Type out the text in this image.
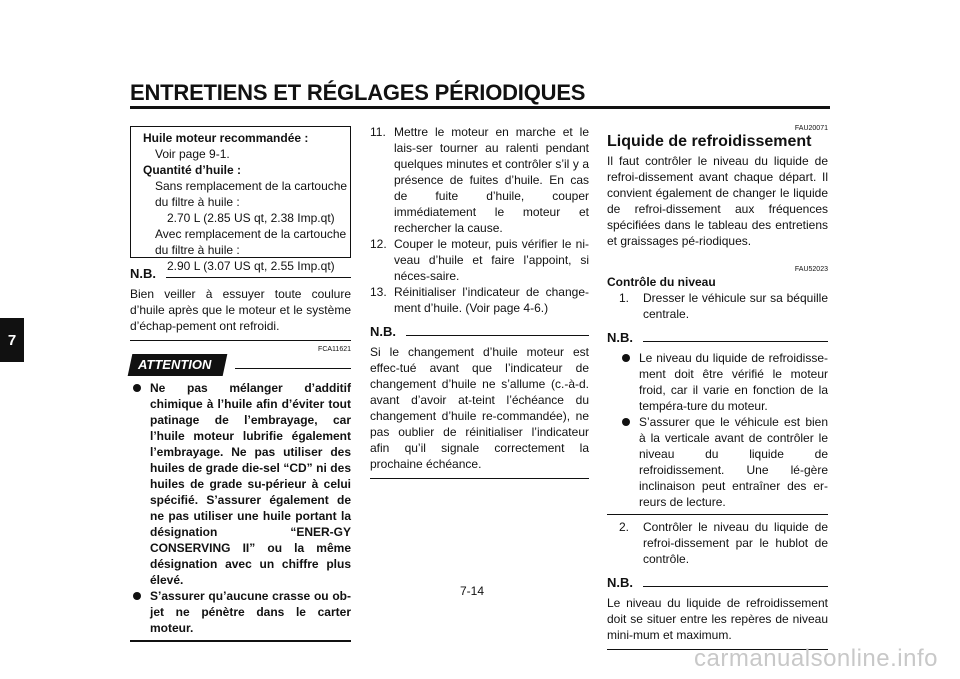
ENTRETIENS ET RÉGLAGES PÉRIODIQUES
7
Huile moteur recommandée :
Voir page 9-1.
Quantité d’huile :
Sans remplacement de la cartouche
du filtre à huile :
2.70 L (2.85 US qt, 2.38 Imp.qt)
Avec remplacement de la cartouche
du filtre à huile :
2.90 L (3.07 US qt, 2.55 Imp.qt)
N.B.
Bien veiller à essuyer toute coulure d’huile après que le moteur et le système d’échap-pement ont refroidi.
FCA11621
ATTENTION
Ne pas mélanger d’additif chimique à l’huile afin d’éviter tout patinage de l’embrayage, car l’huile moteur lubrifie également l’embrayage. Ne pas utiliser des huiles de grade die-sel “CD” ni des huiles de grade su-périeur à celui spécifié. S’assurer également de ne pas utiliser une huile portant la désignation “ENER-GY CONSERVING II” ou la même désignation avec un chiffre plus élevé.
S’assurer qu’aucune crasse ou ob-jet ne pénètre dans le carter moteur.
11. Mettre le moteur en marche et le lais-ser tourner au ralenti pendant quelques minutes et contrôler s’il y a présence de fuites d’huile. En cas de fuite d’huile, couper immédiatement le moteur et rechercher la cause.
12. Couper le moteur, puis vérifier le ni-veau d’huile et faire l’appoint, si néces-saire.
13. Réinitialiser l’indicateur de change-ment d’huile. (Voir page 4-6.)
N.B.
Si le changement d’huile moteur est effec-tué avant que l’indicateur de changement d’huile ne s’allume (c.-à-d. avant d’avoir at-teint l’échéance du changement d’huile re-commandée), ne pas oublier de réinitialiser l’indicateur afin qu’il signale correctement la prochaine échéance.
FAU20071
Liquide de refroidissement
Il faut contrôler le niveau du liquide de refroi-dissement avant chaque départ. Il convient également de changer le liquide de refroi-dissement aux fréquences spécifiées dans le tableau des entretiens et graissages pé-riodiques.
FAU52023
Contrôle du niveau
1. Dresser le véhicule sur sa béquille centrale.
N.B.
Le niveau du liquide de refroidisse-ment doit être vérifié le moteur froid, car il varie en fonction de la tempéra-ture du moteur.
S’assurer que le véhicule est bien à la verticale avant de contrôler le niveau du liquide de refroidissement. Une lé-gère inclinaison peut entraîner des er-reurs de lecture.
2. Contrôler le niveau du liquide de refroi-dissement par le hublot de contrôle.
N.B.
Le niveau du liquide de refroidissement doit se situer entre les repères de niveau mini-mum et maximum.
7-14
carmanualsonline.info
